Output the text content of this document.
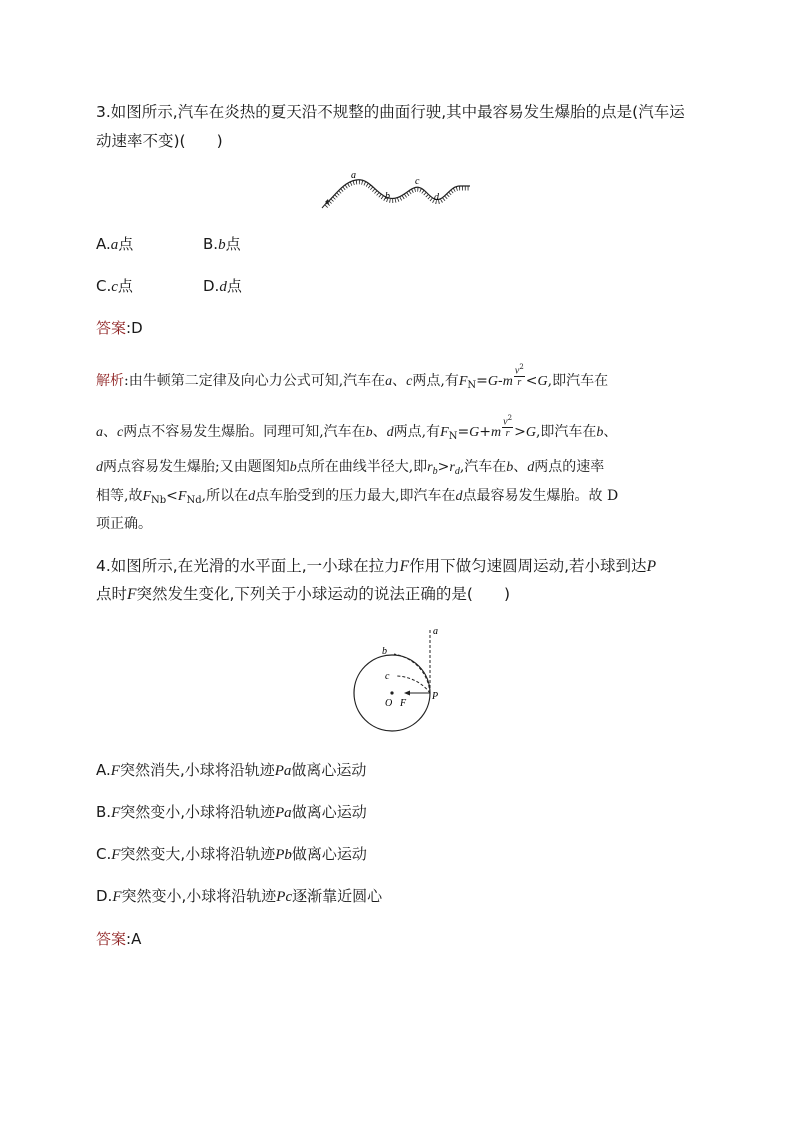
3.如图所示,汽车在炎热的夏天沿不规整的曲面行驶,其中最容易发生爆胎的点是(汽车运
动速率不变)(　　)
a
b
c
d
A.a点	B.b点
C.c点	D.d点
答案:D
解析:由牛顿第二定律及向心力公式可知,汽车在a、c两点,有$F_N=G-m \frac{v^2}{r} <G$,即汽车在
a、c两点不容易发生爆胎。同理可知,汽车在b、d两点,有$F_N=G+m \frac{v^2}{r} >G$,即汽车在b、
d两点容易发生爆胎;又由题图知b点所在曲线半径大,即$r_b>r_d$,汽车在b、d两点的速率
相等,故$F_{Nb}<F_{Nd}$,所以在d点车胎受到的压力最大,即汽车在d点最容易发生爆胎。故 D
项正确。
4.如图所示,在光滑的水平面上,一小球在拉力F作用下做匀速圆周运动,若小球到达P
点时F突然发生变化,下列关于小球运动的说法正确的是(　　)
a
b
c
O F
P
A.F突然消失,小球将沿轨迹Pa做离心运动
B.F突然变小,小球将沿轨迹Pa做离心运动
C.F突然变大,小球将沿轨迹Pb做离心运动
D.F突然变小,小球将沿轨迹Pc逐渐靠近圆心
答案:A
